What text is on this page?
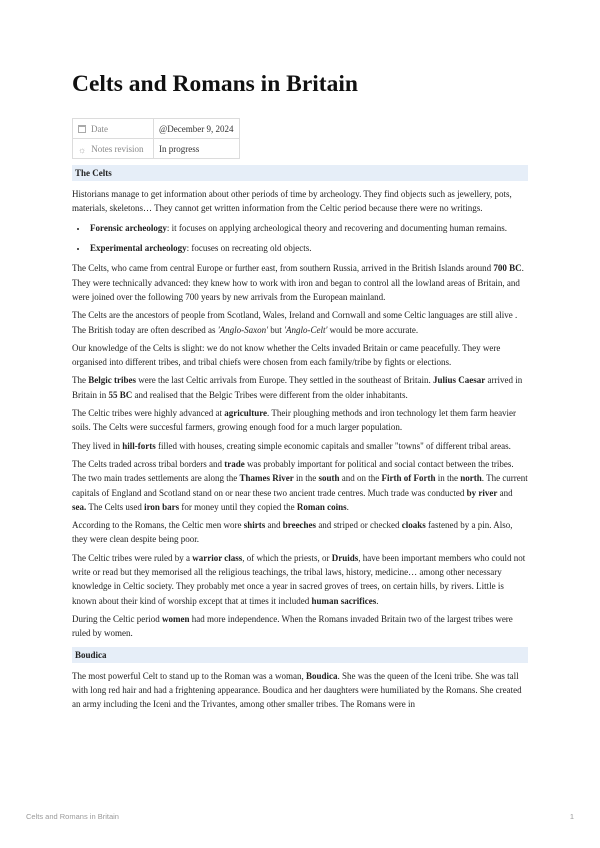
Celts and Romans in Britain
Date	@December 9, 2024
☼ Notes revision	In progress
The Celts

Historians manage to get information about other periods of time by archeology. They find objects such as jewellery, pots, materials, skeletons… They cannot get written information from the Celtic period because there were no writings.

• Forensic archeology: it focuses on applying archeological theory and recovering and documenting human remains.
• Experimental archeology: focuses on recreating old objects.

The Celts, who came from central Europe or further east, from southern Russia, arrived in the British Islands around 700 BC. They were technically advanced: they knew how to work with iron and began to control all the lowland areas of Britain, and were joined over the following 700 years by new arrivals from the European mainland.

The Celts are the ancestors of people from Scotland, Wales, Ireland and Cornwall and some Celtic languages are still alive . The British today are often described as 'Anglo-Saxon' but 'Anglo-Celt' would be more accurate.

Our knowledge of the Celts is slight: we do not know whether the Celts invaded Britain or came peacefully. They were organised into different tribes, and tribal chiefs were chosen from each family/tribe by fights or elections.

The Belgic tribes were the last Celtic arrivals from Europe. They settled in the southeast of Britain. Julius Caesar arrived in Britain in 55 BC and realised that the Belgic Tribes were different from the older inhabitants.

The Celtic tribes were highly advanced at agriculture. Their ploughing methods and iron technology let them farm heavier soils. The Celts were succesful farmers, growing enough food for a much larger population.

They lived in hill-forts filled with houses, creating simple economic capitals and smaller "towns" of different tribal areas.

The Celts traded across tribal borders and trade was probably important for political and social contact between the tribes. The two main trades settlements are along the Thames River in the south and on the Firth of Forth in the north. The current capitals of England and Scotland stand on or near these two ancient trade centres. Much trade was conducted by river and sea. The Celts used iron bars for money until they copied the Roman coins.

According to the Romans, the Celtic men wore shirts and breeches and striped or checked cloaks fastened by a pin. Also, they were clean despite being poor.

The Celtic tribes were ruled by a warrior class, of which the priests, or Druids, have been important members who could not write or read but they memorised all the religious teachings, the tribal laws, history, medicine… among other necessary knowledge in Celtic society. They probably met once a year in sacred groves of trees, on certain hills, by rivers. Little is known about their kind of worship except that at times it included human sacrifices.

During the Celtic period women had more independence. When the Romans invaded Britain two of the largest tribes were ruled by women.

Boudica

The most powerful Celt to stand up to the Roman was a woman, Boudica. She was the queen of the Iceni tribe. She was tall with long red hair and had a frightening appearance. Boudica and her daughters were humiliated by the Romans. She created an army including the Iceni and the Trivantes, among other smaller tribes. The Romans were in

Celts and Romans in Britain	1
